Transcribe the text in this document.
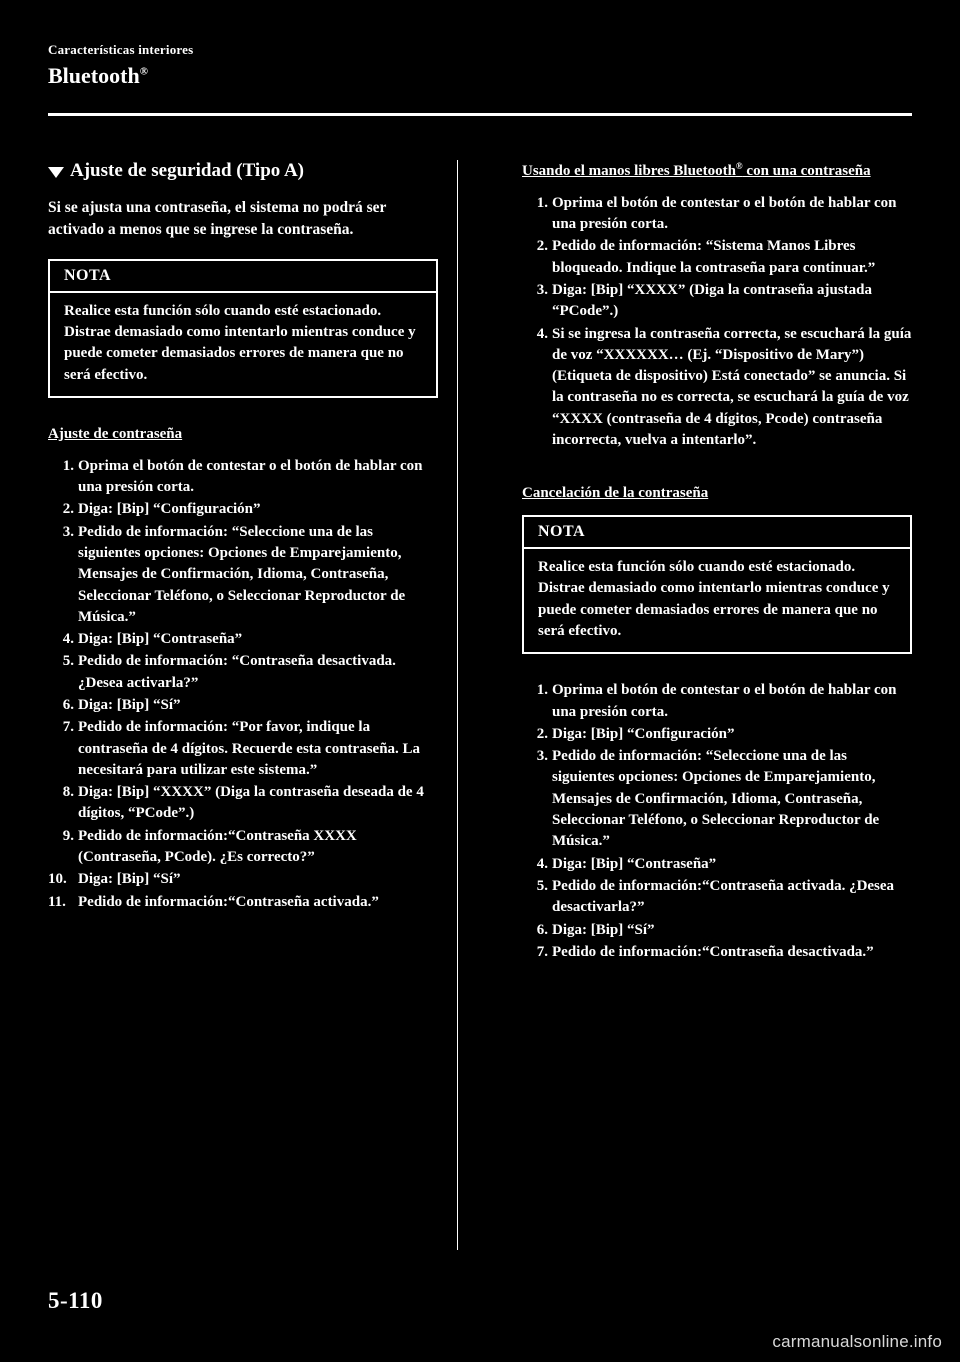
Características interiores
Bluetooth®
Ajuste de seguridad (Tipo A)
Si se ajusta una contraseña, el sistema no podrá ser activado a menos que se ingrese la contraseña.
NOTA
Realice esta función sólo cuando esté estacionado. Distrae demasiado como intentarlo mientras conduce y puede cometer demasiados errores de manera que no será efectivo.
Ajuste de contraseña
1. Oprima el botón de contestar o el botón de hablar con una presión corta.
2. Diga: [Bip] “Configuración”
3. Pedido de información: “Seleccione una de las siguientes opciones: Opciones de Emparejamiento, Mensajes de Confirmación, Idioma, Contraseña, Seleccionar Teléfono, o Seleccionar Reproductor de Música.”
4. Diga: [Bip] “Contraseña”
5. Pedido de información: “Contraseña desactivada. ¿Desea activarla?”
6. Diga: [Bip] “Sí”
7. Pedido de información: “Por favor, indique la contraseña de 4 dígitos. Recuerde esta contraseña. La necesitará para utilizar este sistema.”
8. Diga: [Bip] “XXXX” (Diga la contraseña deseada de 4 dígitos, “PCode”.)
9. Pedido de información:“Contraseña XXXX (Contraseña, PCode). ¿Es correcto?”
10. Diga: [Bip] “Sí”
11. Pedido de información:“Contraseña activada.”
Usando el manos libres Bluetooth® con una contraseña
1. Oprima el botón de contestar o el botón de hablar con una presión corta.
2. Pedido de información: “Sistema Manos Libres bloqueado. Indique la contraseña para continuar.”
3. Diga: [Bip] “XXXX” (Diga la contraseña ajustada “PCode”.)
4. Si se ingresa la contraseña correcta, se escuchará la guía de voz “XXXXXX… (Ej. “Dispositivo de Mary”) (Etiqueta de dispositivo) Está conectado” se anuncia. Si la contraseña no es correcta, se escuchará la guía de voz “XXXX (contraseña de 4 dígitos, Pcode) contraseña incorrecta, vuelva a intentarlo”.
Cancelación de la contraseña
NOTA
Realice esta función sólo cuando esté estacionado. Distrae demasiado como intentarlo mientras conduce y puede cometer demasiados errores de manera que no será efectivo.
1. Oprima el botón de contestar o el botón de hablar con una presión corta.
2. Diga: [Bip] “Configuración”
3. Pedido de información: “Seleccione una de las siguientes opciones: Opciones de Emparejamiento, Mensajes de Confirmación, Idioma, Contraseña, Seleccionar Teléfono, o Seleccionar Reproductor de Música.”
4. Diga: [Bip] “Contraseña”
5. Pedido de información:“Contraseña activada. ¿Desea desactivarla?”
6. Diga: [Bip] “Sí”
7. Pedido de información:“Contraseña desactivada.”
5-110
carmanualsonline.info
